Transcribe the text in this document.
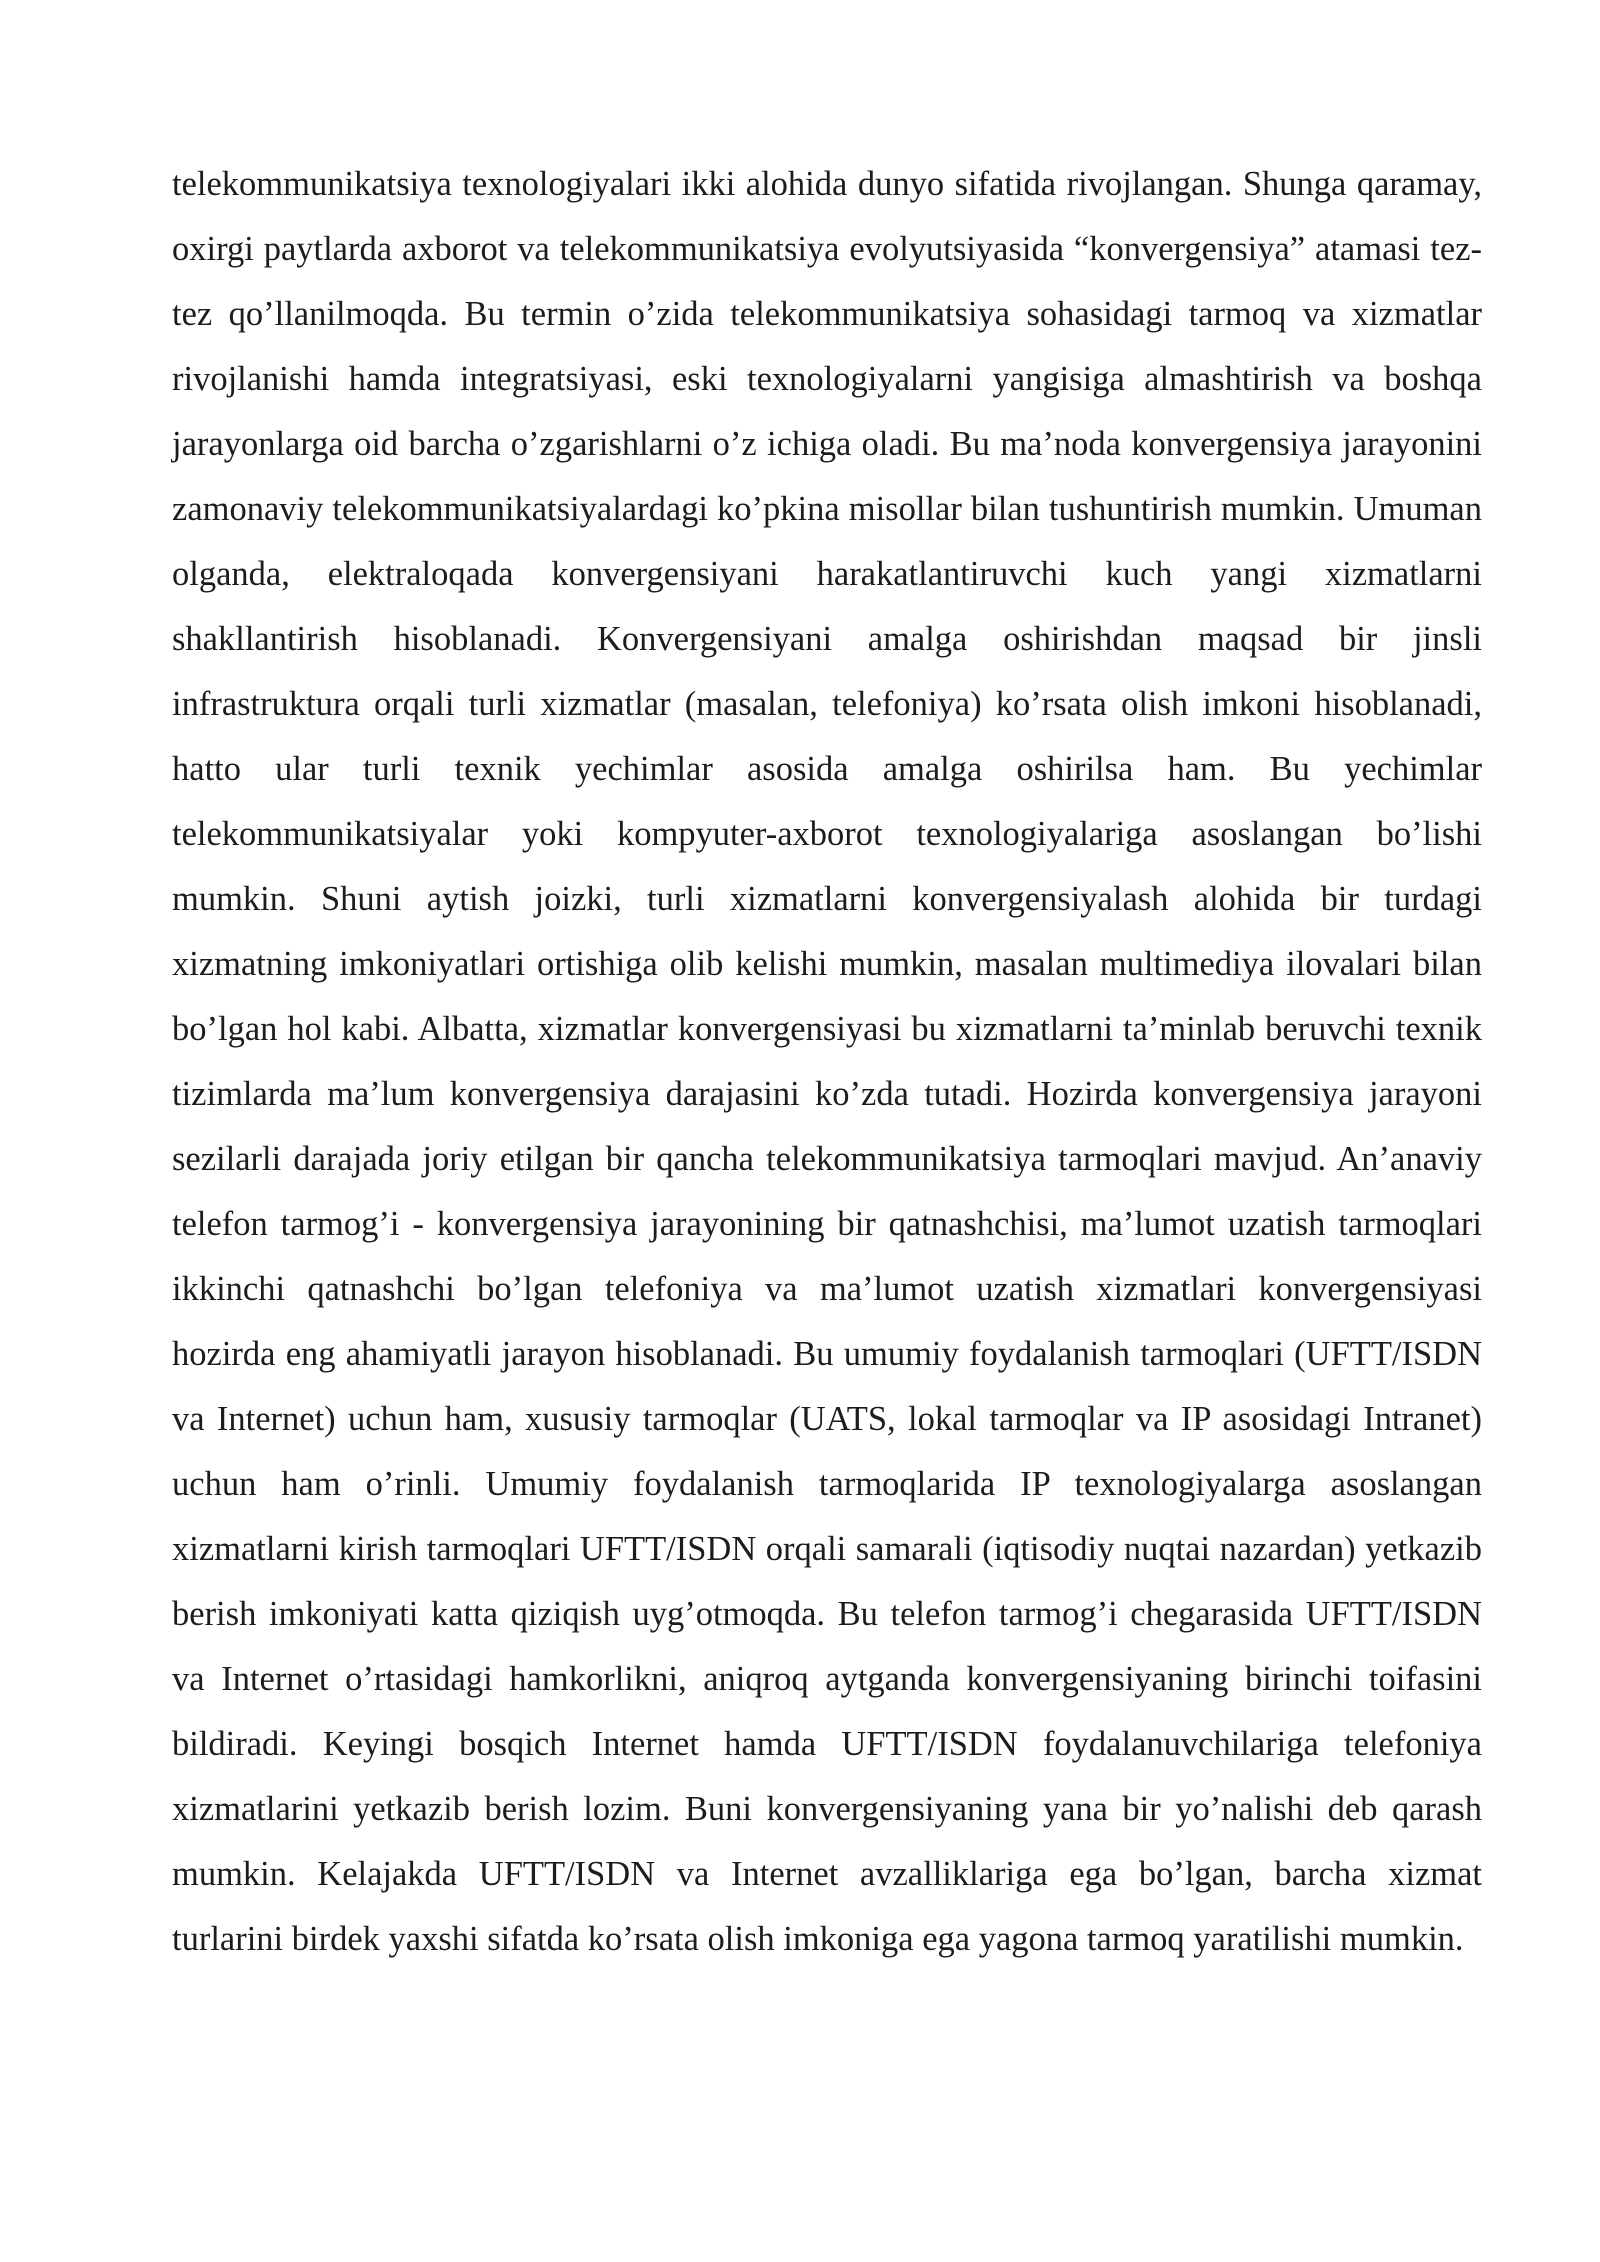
telekommunikatsiya texnologiyalari ikki alohida dunyo sifatida rivojlangan. Shunga qaramay, oxirgi paytlarda axborot va telekommunikatsiya evolyutsiyasida “konvergensiya” atamasi tez-tez qo’llanilmoqda. Bu termin o’zida telekommunikatsiya sohasidagi tarmoq va xizmatlar rivojlanishi hamda integratsiyasi, eski texnologiyalarni yangisiga almashtirish va boshqa jarayonlarga oid barcha o’zgarishlarni o’z ichiga oladi. Bu ma’noda konvergensiya jarayonini zamonaviy telekommunikatsiyalardagi ko’pkina misollar bilan tushuntirish mumkin. Umuman olganda, elektraloqada konvergensiyani harakatlantiruvchi kuch yangi xizmatlarni shakllantirish hisoblanadi. Konvergensiyani amalga oshirishdan maqsad bir jinsli infrastruktura orqali turli xizmatlar (masalan, telefoniya) ko’rsata olish imkoni hisoblanadi, hatto ular turli texnik yechimlar asosida amalga oshirilsa ham. Bu yechimlar telekommunikatsiyalar yoki kompyuter-axborot texnologiyalariga asoslangan bo’lishi mumkin. Shuni aytish joizki, turli xizmatlarni konvergensiyalash alohida bir turdagi xizmatning imkoniyatlari ortishiga olib kelishi mumkin, masalan multimediya ilovalari bilan bo’lgan hol kabi. Albatta, xizmatlar konvergensiyasi bu xizmatlarni ta’minlab beruvchi texnik tizimlarda ma’lum konvergensiya darajasini ko’zda tutadi. Hozirda konvergensiya jarayoni sezilarli darajada joriy etilgan bir qancha telekommunikatsiya tarmoqlari mavjud. An’anaviy telefon tarmog’i - konvergensiya jarayonining bir qatnashchisi, ma’lumot uzatish tarmoqlari ikkinchi qatnashchi bo’lgan telefoniya va ma’lumot uzatish xizmatlari konvergensiyasi hozirda eng ahamiyatli jarayon hisoblanadi. Bu umumiy foydalanish tarmoqlari (UFTT/ISDN va Internet) uchun ham, xususiy tarmoqlar (UATS, lokal tarmoqlar va IP asosidagi Intranet) uchun ham o’rinli. Umumiy foydalanish tarmoqlarida IP texnologiyalarga asoslangan xizmatlarni kirish tarmoqlari UFTT/ISDN orqali samarali (iqtisodiy nuqtai nazardan) yetkazib berish imkoniyati katta qiziqish uyg’otmoqda. Bu telefon tarmog’i chegarasida UFTT/ISDN va Internet o’rtasidagi hamkorlikni, aniqroq aytganda konvergensiyaning birinchi toifasini bildiradi. Keyingi bosqich Internet hamda UFTT/ISDN foydalanuvchilariga telefoniya xizmatlarini yetkazib berish lozim. Buni konvergensiyaning yana bir yo’nalishi deb qarash mumkin. Kelajakda UFTT/ISDN va Internet avzalliklariga ega bo’lgan, barcha xizmat turlarini birdek yaxshi sifatda ko’rsata olish imkoniga ega yagona tarmoq yaratilishi mumkin.
